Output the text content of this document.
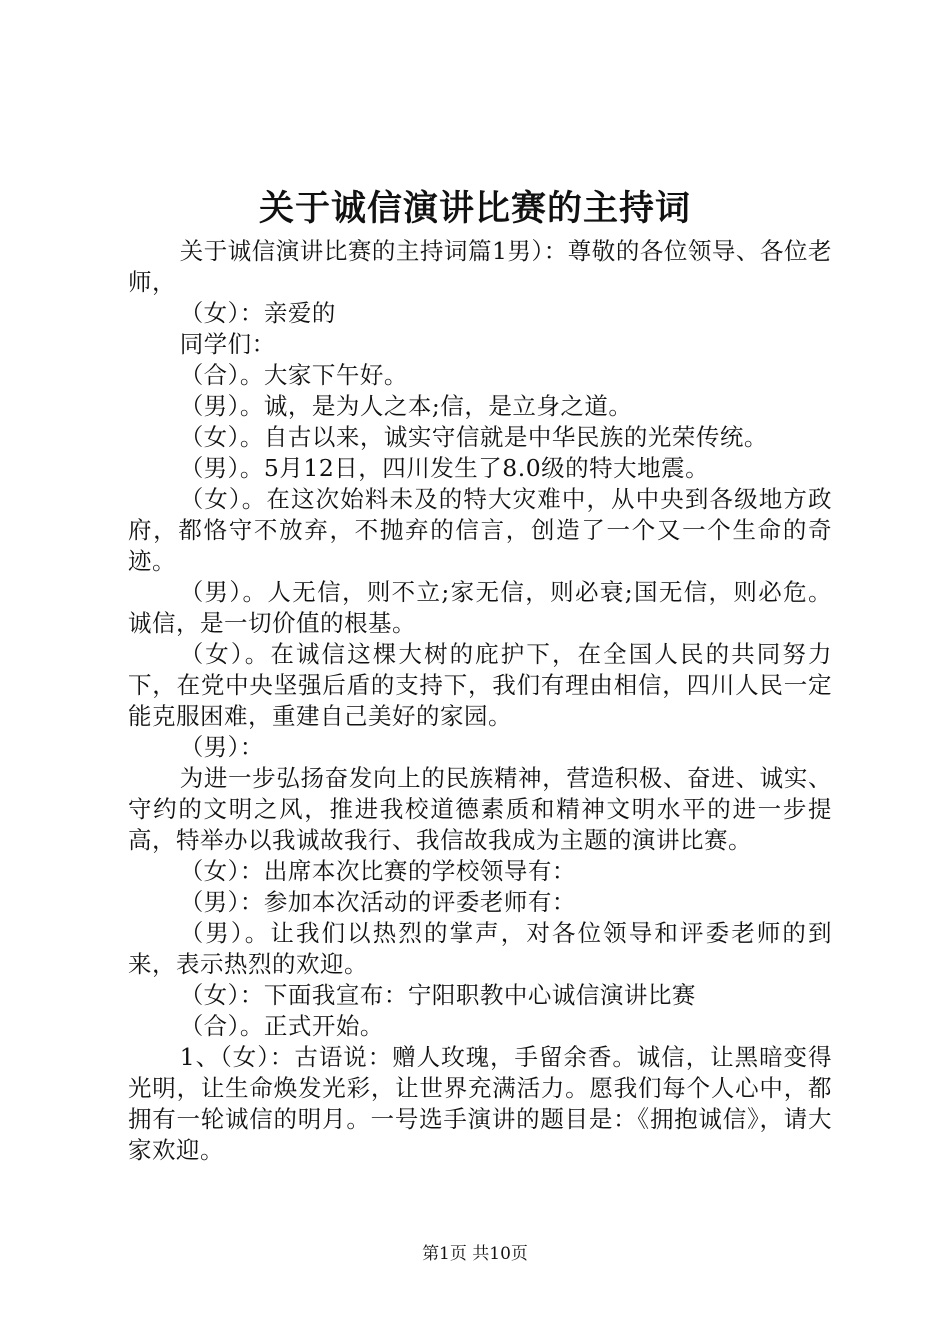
关于诚信演讲比赛的主持词

关于诚信演讲比赛的主持词篇1男）：尊敬的各位领导、各位老师，

（女）：亲爱的

同学们：

（合）。大家下午好。

（男）。诚，是为人之本;信，是立身之道。

（女）。自古以来，诚实守信就是中华民族的光荣传统。

（男）。5月12日，四川发生了8.0级的特大地震。

（女）。在这次始料未及的特大灾难中，从中央到各级地方政府，都恪守不放弃，不抛弃的信言，创造了一个又一个生命的奇迹。

（男）。人无信，则不立;家无信，则必衰;国无信，则必危。诚信，是一切价值的根基。

（女）。在诚信这棵大树的庇护下，在全国人民的共同努力下，在党中央坚强后盾的支持下，我们有理由相信，四川人民一定能克服困难，重建自己美好的家园。

（男）：

为进一步弘扬奋发向上的民族精神，营造积极、奋进、诚实、守约的文明之风，推进我校道德素质和精神文明水平的进一步提高，特举办以我诚故我行、我信故我成为主题的演讲比赛。

（女）：出席本次比赛的学校领导有：

（男）：参加本次活动的评委老师有：

（男）。让我们以热烈的掌声，对各位领导和评委老师的到来，表示热烈的欢迎。

（女）：下面我宣布：宁阳职教中心诚信演讲比赛

（合）。正式开始。

1、（女）：古语说：赠人玫瑰，手留余香。诚信，让黑暗变得光明，让生命焕发光彩，让世界充满活力。愿我们每个人心中，都拥有一轮诚信的明月。一号选手演讲的题目是：《拥抱诚信》，请大家欢迎。

第1页 共10页
